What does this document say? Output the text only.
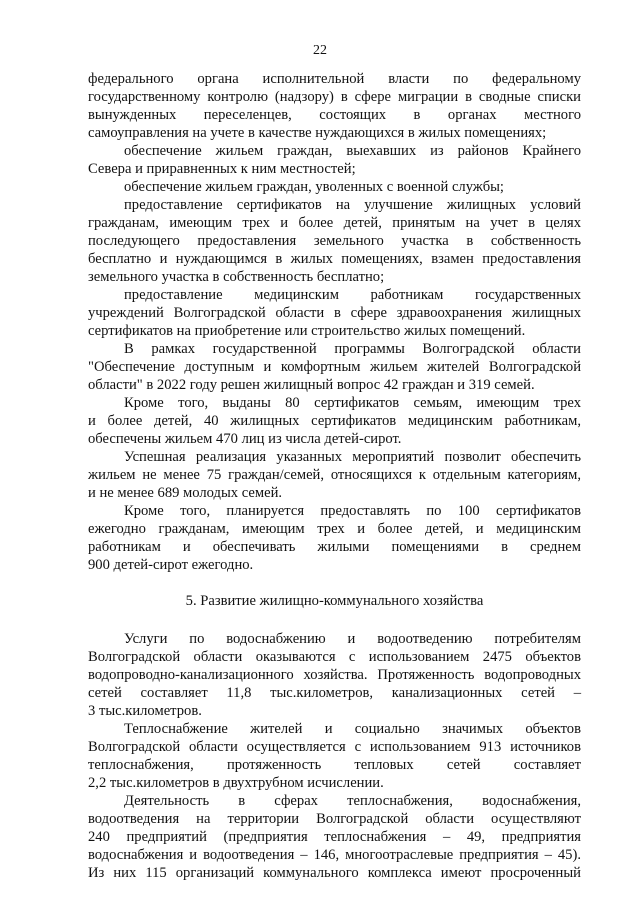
22
федерального органа исполнительной власти по федеральному
государственному контролю (надзору) в сфере миграции в сводные списки
вынужденных переселенцев, состоящих в органах местного
самоуправления на учете в качестве нуждающихся в жилых помещениях;
обеспечение жильем граждан, выехавших из районов Крайнего
Севера и приравненных к ним местностей;
обеспечение жильем граждан, уволенных с военной службы;
предоставление сертификатов на улучшение жилищных условий
гражданам, имеющим трех и более детей, принятым на учет в целях
последующего предоставления земельного участка в собственность
бесплатно и нуждающимся в жилых помещениях, взамен предоставления
земельного участка в собственность бесплатно;
предоставление медицинским работникам государственных
учреждений Волгоградской области в сфере здравоохранения жилищных
сертификатов на приобретение или строительство жилых помещений.
В рамках государственной программы Волгоградской области
"Обеспечение доступным и комфортным жильем жителей Волгоградской
области" в 2022 году решен жилищный вопрос 42 граждан и 319 семей.
Кроме того, выданы 80 сертификатов семьям, имеющим трех
и более детей, 40 жилищных сертификатов медицинским работникам,
обеспечены жильем 470 лиц из числа детей-сирот.
Успешная реализация указанных мероприятий позволит обеспечить
жильем не менее 75 граждан/семей, относящихся к отдельным категориям,
и не менее 689 молодых семей.
Кроме того, планируется предоставлять по 100 сертификатов
ежегодно гражданам, имеющим трех и более детей, и медицинским
работникам и обеспечивать жилыми помещениями в среднем
900 детей-сирот ежегодно.
5. Развитие жилищно-коммунального хозяйства
Услуги по водоснабжению и водоотведению потребителям
Волгоградской области оказываются с использованием 2475 объектов
водопроводно-канализационного хозяйства. Протяженность водопроводных
сетей составляет 11,8 тыс.километров, канализационных сетей –
3 тыс.километров.
Теплоснабжение жителей и социально значимых объектов
Волгоградской области осуществляется с использованием 913 источников
теплоснабжения, протяженность тепловых сетей составляет
2,2 тыс.километров в двухтрубном исчислении.
Деятельность в сферах теплоснабжения, водоснабжения,
водоотведения на территории Волгоградской области осуществляют
240 предприятий (предприятия теплоснабжения – 49, предприятия
водоснабжения и водоотведения – 146, многоотраслевые предприятия – 45).
Из них 115 организаций коммунального комплекса имеют просроченный
